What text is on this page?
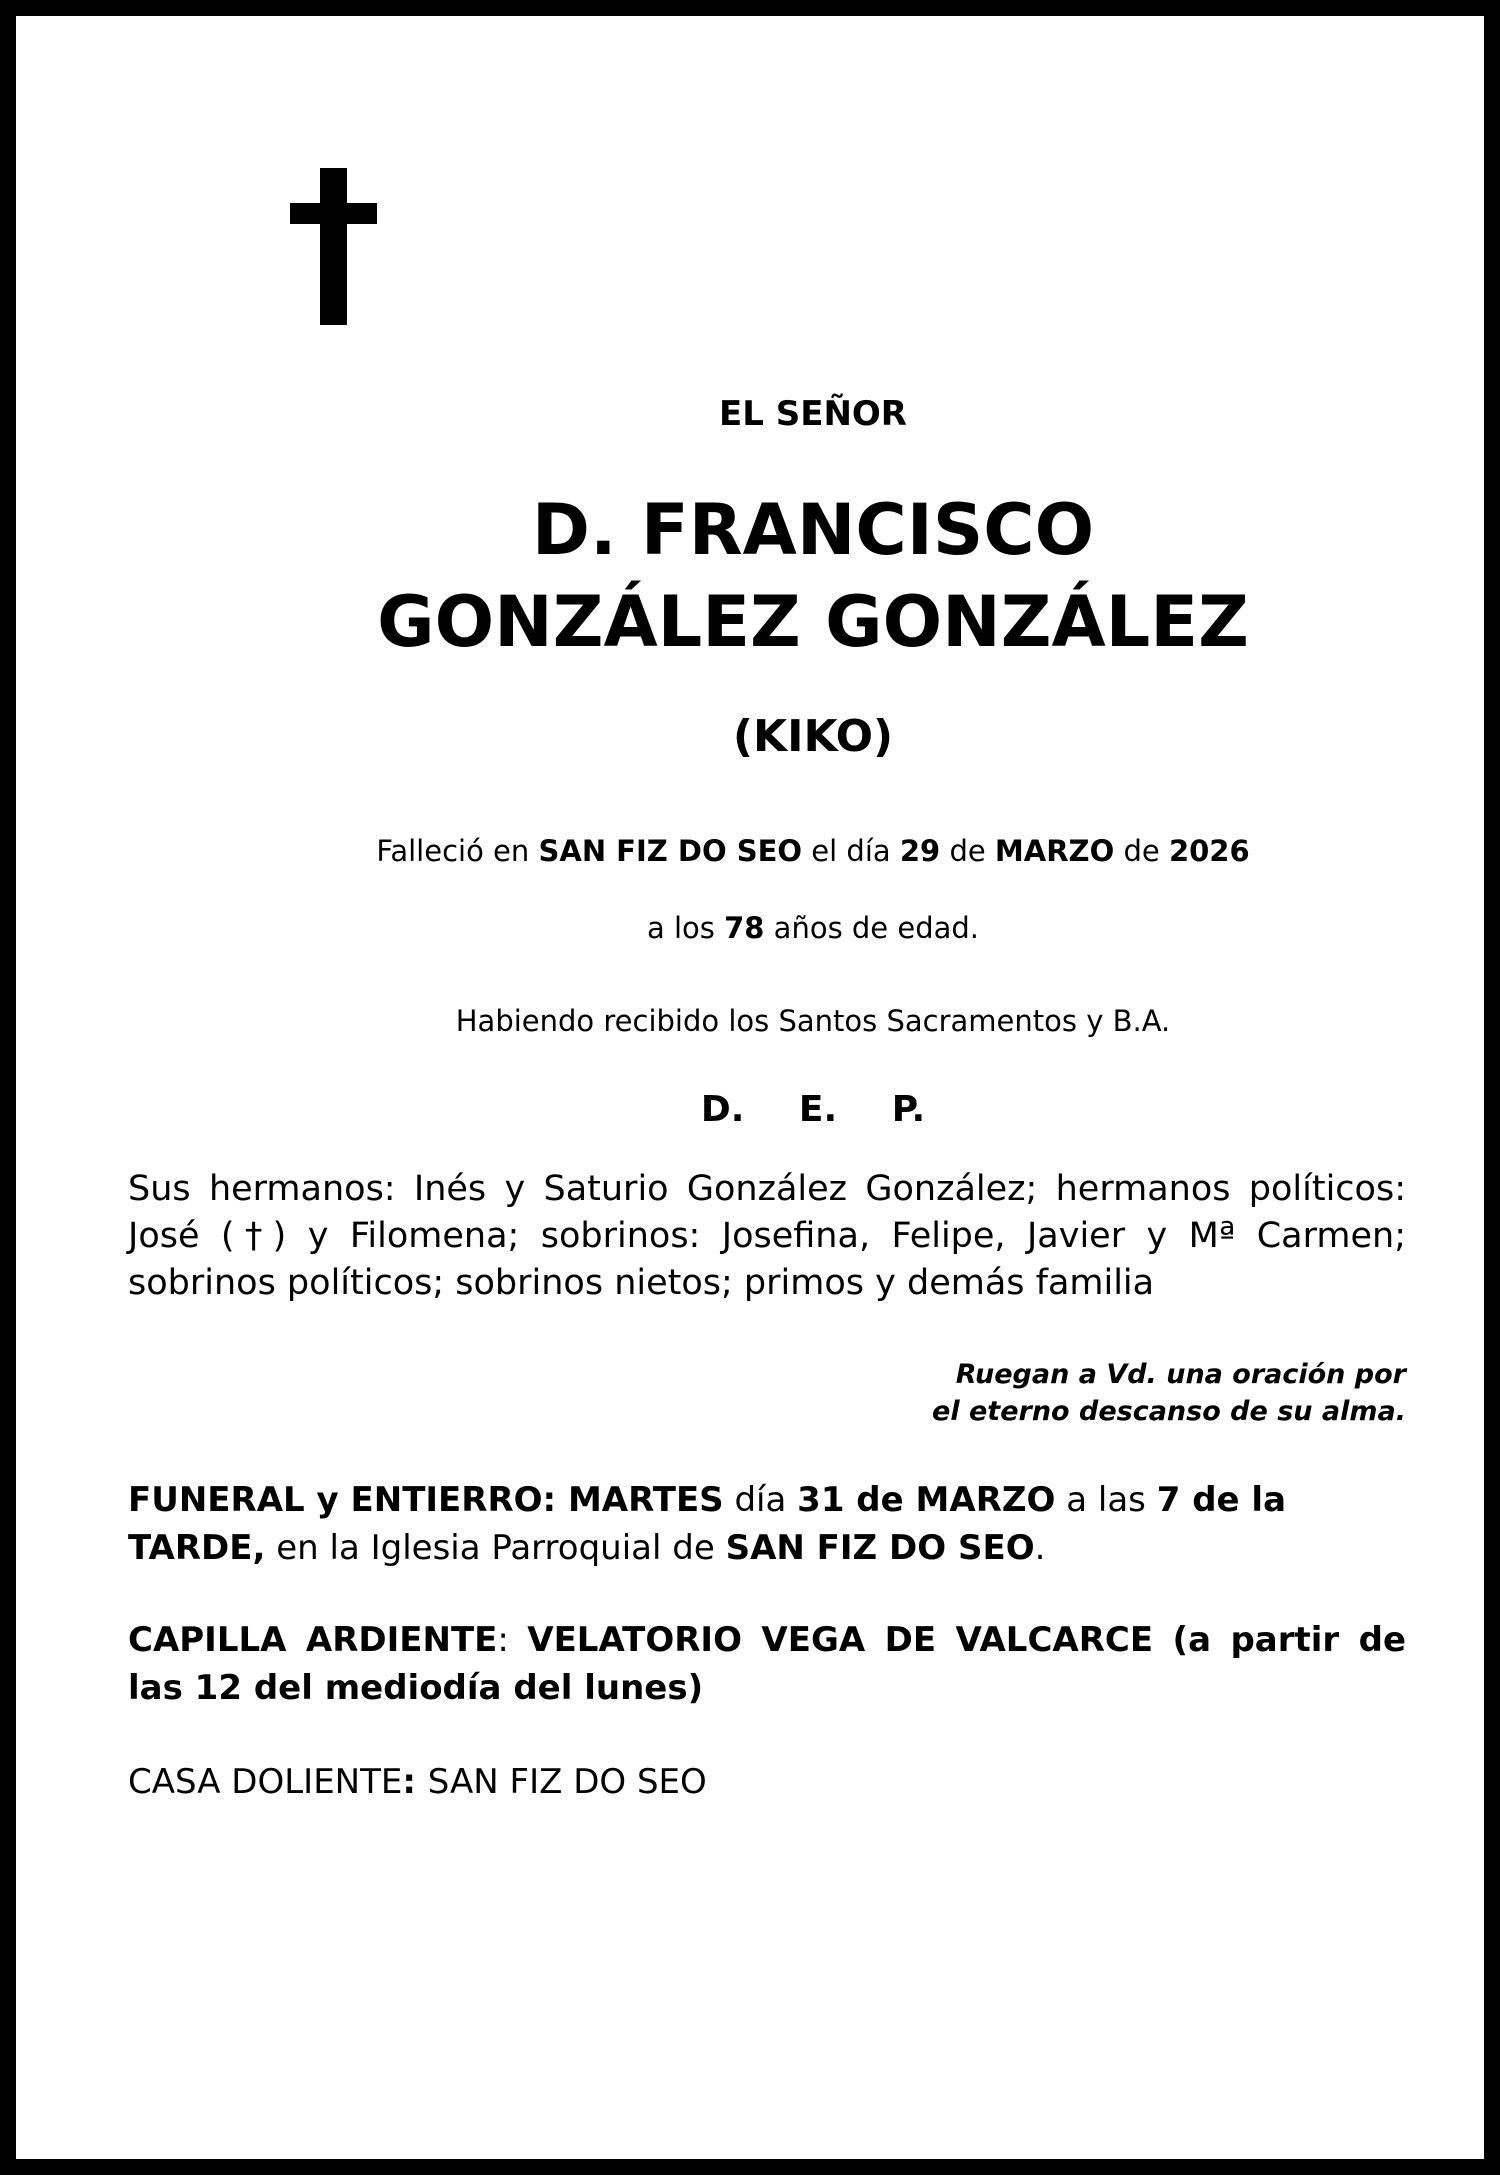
EL SEÑOR
D. FRANCISCO
GONZÁLEZ GONZÁLEZ
(KIKO)
Falleció en SAN FIZ DO SEO el día 29 de MARZO de 2026
a los 78 años de edad.
Habiendo recibido los Santos Sacramentos y B.A.
D. E. P.
Sus hermanos: Inés y Saturio González González; hermanos políticos: José (†) y Filomena; sobrinos: Josefina, Felipe, Javier y Mª Carmen; sobrinos políticos; sobrinos nietos; primos y demás familia
Ruegan a Vd. una oración por
el eterno descanso de su alma.
FUNERAL y ENTIERRO: MARTES día 31 de MARZO a las 7 de la TARDE, en la Iglesia Parroquial de SAN FIZ DO SEO.
CAPILLA ARDIENTE: VELATORIO VEGA DE VALCARCE (a partir de las 12 del mediodía del lunes)
CASA DOLIENTE: SAN FIZ DO SEO
